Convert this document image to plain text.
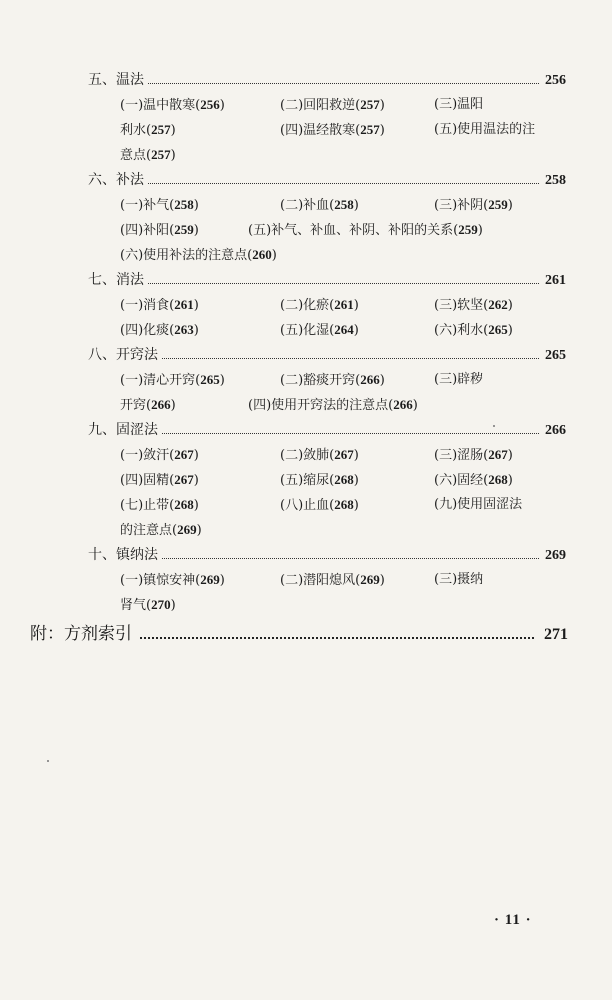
五、温法	256
(一)温中散寒(256)	(二)回阳救逆(257)	(三)温阳
利水(257)	(四)温经散寒(257)	(五)使用温法的注
意点(257)
六、补法	258
(一)补气(258)	(二)补血(258)	(三)补阴(259)
(四)补阳(259)	(五)补气、补血、补阴、补阳的关系(259)
(六)使用补法的注意点(260)
七、消法	261
(一)消食(261)	(二)化瘀(261)	(三)软坚(262)
(四)化痰(263)	(五)化湿(264)	(六)利水(265)
八、开窍法	265
(一)清心开窍(265)	(二)豁痰开窍(266)	(三)辟秽
开窍(266)	(四)使用开窍法的注意点(266)
九、固涩法	266
(一)敛汗(267)	(二)敛肺(267)	(三)涩肠(267)
(四)固精(267)	(五)缩尿(268)	(六)固经(268)
(七)止带(268)	(八)止血(268)	(九)使用固涩法
的注意点(269)
十、镇纳法	269
(一)镇惊安神(269)	(二)潜阳熄风(269)	(三)摄纳
肾气(270)
附：方剂索引	271
· 11 ·
